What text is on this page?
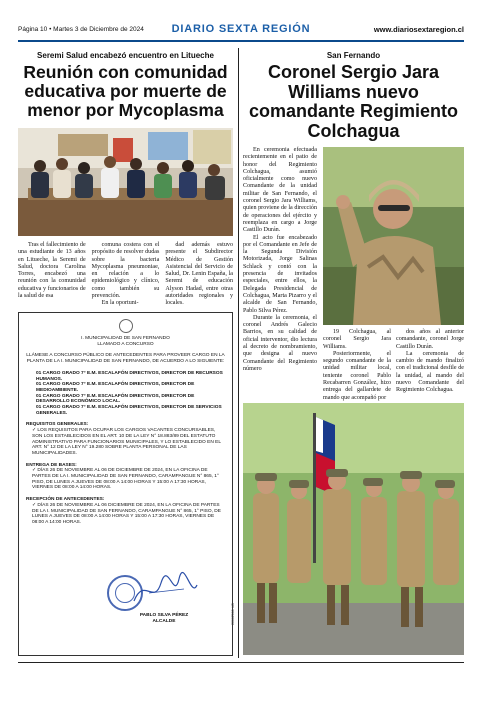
Página 10 • Martes 3 de Diciembre de 2024	DIARIO SEXTA REGIÓN	www.diariosextaregion.cl
Seremi Salud encabezó encuentro en Litueche
Reunión con comunidad educativa por muerte de menor por Mycoplasma

Tras el fallecimiento de una estudiante de 13 años en Litueche, la Seremi de Salud, doctora Carolina Torres, encabezó una reunión con la comunidad educativa y funcionarios de la salud de esa

comuna costera con el propósito de resolver dudas sobre la bacteria Mycoplasma pneumoniae, en relación a lo epidemiológico y clínico, como también su prevención.

En la oportuni-

dad además estuvo presente el Subdirector Médico de Gestión Asistencial del Servicio de Salud, Dr. Lenin España, la Seremi de educación Alyson Hadad, entre otras autoridades regionales y locales.

I. MUNICIPALIDAD DE SAN FERNANDO
LLAMADO A CONCURSO
LLÁMESE A CONCURSO PÚBLICO DE ANTECEDENTES PARA PROVEER CARGO EN LA PLANTA DE LA I. MUNICIPALIDAD DE SAN FERNANDO, DE ACUERDO A LO SIGUIENTE:
01 CARGO GRADO 7° E.M. ESCALAFÓN DIRECTIVOS, DIRECTOR DE RECURSOS HUMANOS.
01 CARGO GRADO 7° E.M. ESCALAFÓN DIRECTIVOS, DIRECTOR DE MEDIOAMBIENTE.
01 CARGO GRADO 7° E.M. ESCALAFÓN DIRECTIVOS, DIRECTOR DE DESARROLLO ECONÓMICO LOCAL.
01 CARGO GRADO 7° E.M. ESCALAFÓN DIRECTIVOS, DIRECTOR DE SERVICIOS GENERALES.
REQUISITOS GENERALES:
✓ LOS REQUISITOS PARA OCUPAR LOS CARGOS VACANTES CONCURSABLES, SON LOS ESTABLECIDOS EN EL ART. 10 DE LA LEY N° 18.883/89 DEL ESTATUTO ADMINISTRATIVO PARA FUNCIONARIOS MUNICIPALES, Y LO ESTABLECIDO EN EL ART. N° 12 DE LA LEY N° 19.280 SOBRE PLANTA PERSONAL DE LAS MUNICIPALIDADES.
ENTREGA DE BASES:
✓ DÍAS 26 DE NOVIEMBRE AL 06 DE DICIEMBRE DE 2024, EN LA OFICINA DE PARTES DE LA I. MUNICIPALIDAD DE SAN FERNANDO, CARAMPANGUE N° 865, 1° PISO, DE LUNES A JUEVES DE 08:00 A 14:00 HORAS Y 15:00 A 17:30 HORAS, VIERNES DE 08:00 A 14:00 HORAS.
RECEPCIÓN DE ANTECEDENTES:
✓ DÍAS 26 DE NOVIEMBRE AL 06 DICIEMBRE DE 2024, EN LA OFICINA DE PARTES DE LA I. MUNICIPALIDAD DE SAN FERNANDO, CARAMPANGUE N° 865, 1° PISO, DE LUNES A JUEVES DE 08:00 A 14:00 HORAS Y 15:00 A 17:30 HORAS, VIERNES DE 08:00 A 14:00 HORAS.
PABLO SILVA PÉREZ
ALCALDE	CP. 00020083
San Fernando
Coronel Sergio Jara Williams nuevo comandante Regimiento Colchagua

En ceremonia efectuada recientemente en el patio de honor del Regimiento Colchagua, asumió oficialmente como nuevo Comandante de la unidad militar de San Fernando, el coronel Sergio Jara Williams, quien proviene de la dirección de operaciones del ejército y reemplaza en cargo a Jorge Castillo Durán.

El acto fue encabezado por el Comandante en Jefe de la Segunda División Motorizada, Jorge Salinas Schlack y contó con la presencia de invitados especiales, entre ellos, la Delegada Presidencial de Colchagua, Marta Pizarro y el alcalde de San Fernando, Pablo Silva Pérez.

Durante la ceremonia, el coronel Andrés Galecio Barrios, en su calidad de oficial interventor, dio lectura al decreto de nombramiento, que designa al nuevo Comandante del Regimiento número

19 Colchagua, al coronel Sergio Jara Williams.

Posteriormente, el segundo comandante de la unidad militar local, teniente coronel Pablo Recabarren González, hizo entrega del gallardete de mando que acompañó por

dos años al anterior comandante, coronel Jorge Castillo Durán.

La ceremonia de cambio de mando finalizó con el tradicional desfile de la unidad, al mando del nuevo Comandante del Regimiento Colchagua.
